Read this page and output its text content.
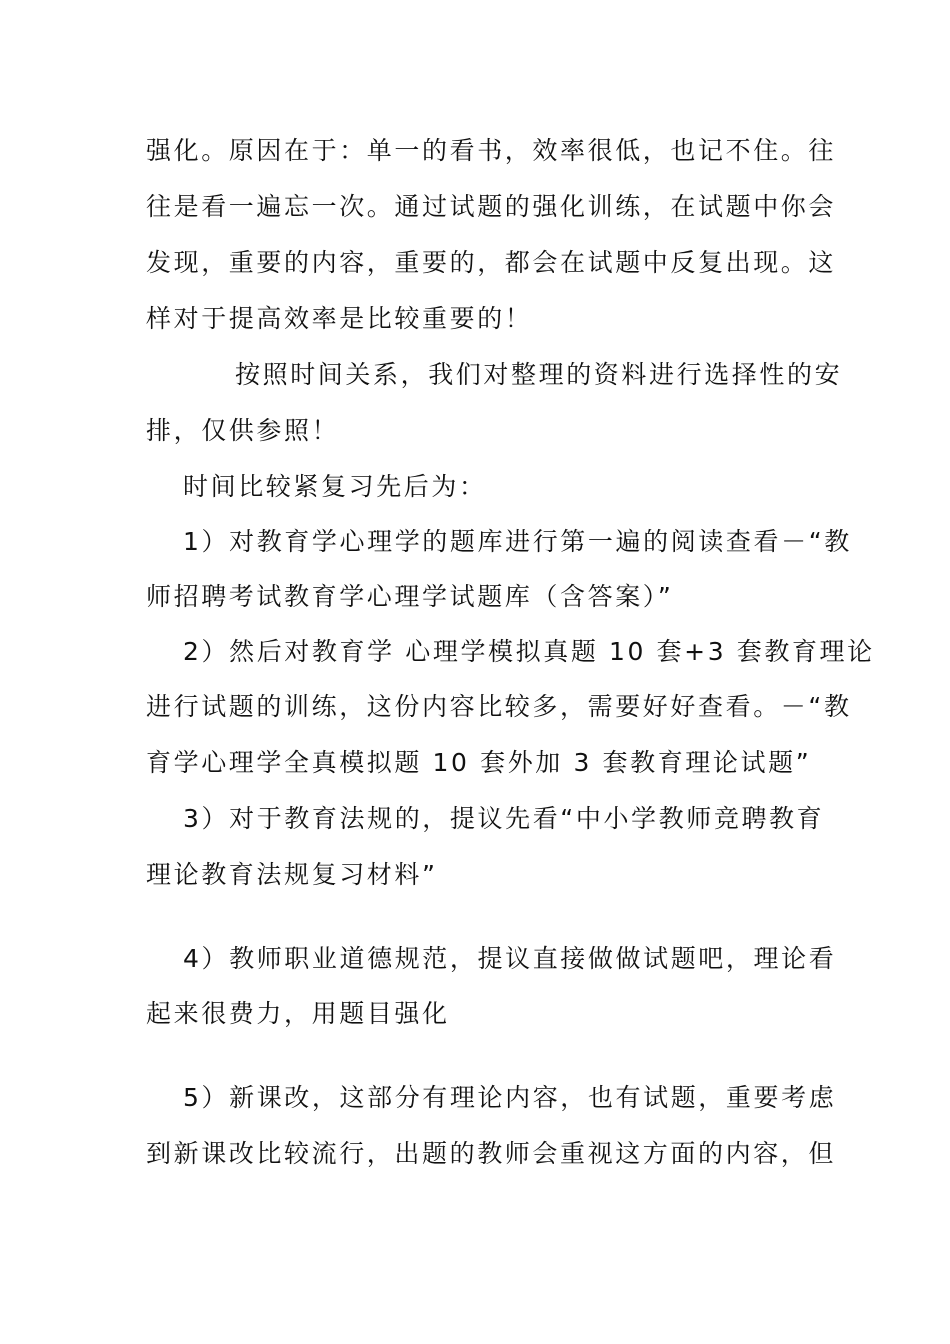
强化。原因在于：单一的看书，效率很低，也记不住。往
往是看一遍忘一次。通过试题的强化训练，在试题中你会
发现，重要的内容，重要的，都会在试题中反复出现。这
样对于提高效率是比较重要的！
按照时间关系，我们对整理的资料进行选择性的安
排，仅供参照！
时间比较紧复习先后为：
1）对教育学心理学的题库进行第一遍的阅读查看－“教
师招聘考试教育学心理学试题库（含答案）”
2）然后对教育学 心理学模拟真题 10 套+3 套教育理论
进行试题的训练，这份内容比较多，需要好好查看。－“教
育学心理学全真模拟题 10 套外加 3 套教育理论试题”
3）对于教育法规的，提议先看“中小学教师竞聘教育
理论教育法规复习材料”
4）教师职业道德规范，提议直接做做试题吧，理论看
起来很费力，用题目强化
5）新课改，这部分有理论内容，也有试题，重要考虑
到新课改比较流行，出题的教师会重视这方面的内容，但
